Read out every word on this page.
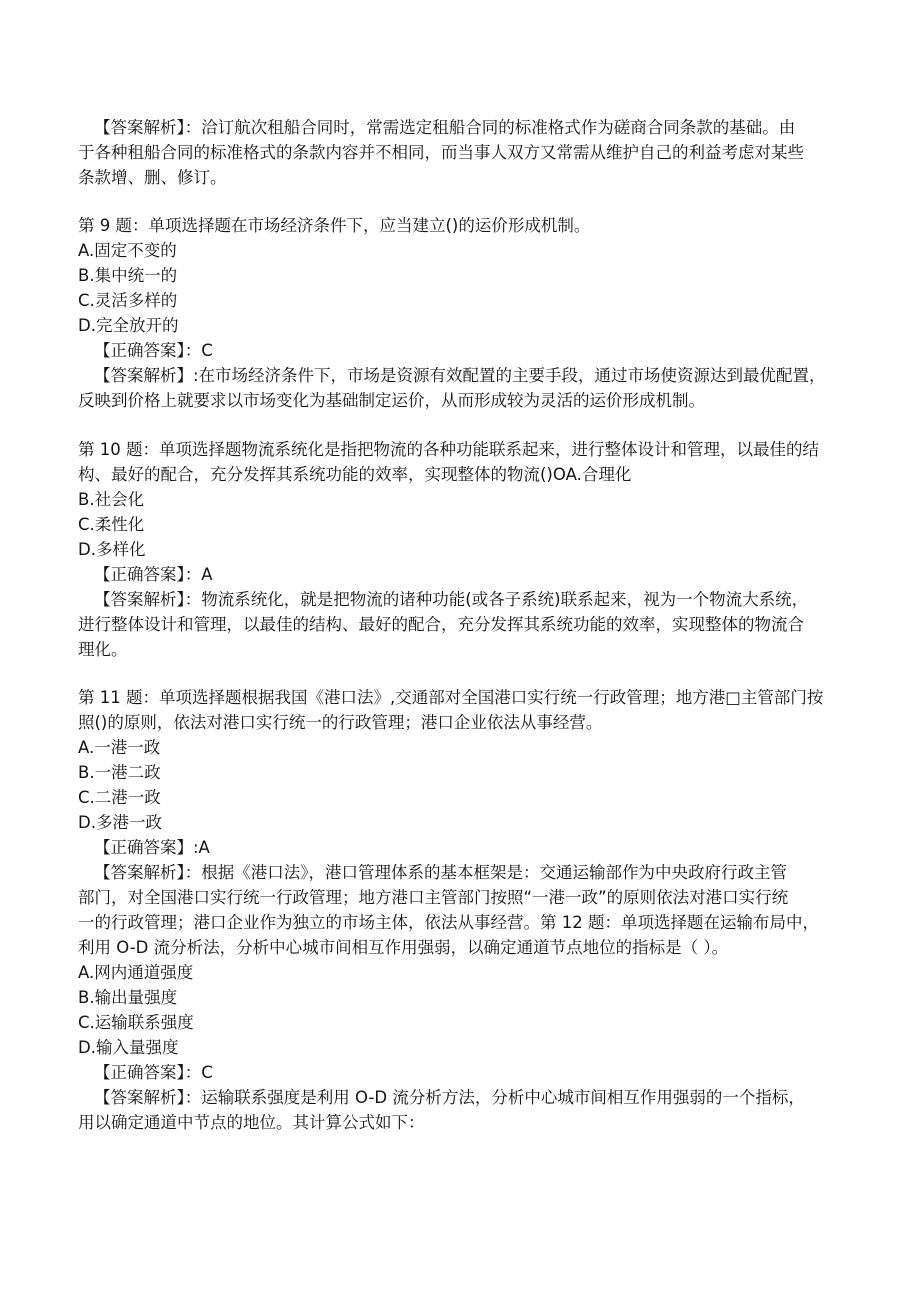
【答案解析】：洽订航次租船合同时，常需选定租船合同的标准格式作为磋商合同条款的基础。由
于各种租船合同的标准格式的条款内容并不相同，而当事人双方又常需从维护自己的利益考虑对某些
条款增、删、修订。
第 9 题：单项选择题在市场经济条件下，应当建立()的运价形成机制。
A.固定不变的
B.集中统一的
C.灵活多样的
D.完全放开的
【正确答案】：C
【答案解析】:在市场经济条件下，市场是资源有效配置的主要手段，通过市场使资源达到最优配置，
反映到价格上就要求以市场变化为基础制定运价，从而形成较为灵活的运价形成机制。
第 10 题：单项选择题物流系统化是指把物流的各种功能联系起来，进行整体设计和管理，以最佳的结
构、最好的配合，充分发挥其系统功能的效率，实现整体的物流()OA.合理化
B.社会化
C.柔性化
D.多样化
【正确答案】：A
【答案解析】：物流系统化，就是把物流的诸种功能(或各子系统)联系起来，视为一个物流大系统，
进行整体设计和管理，以最佳的结构、最好的配合，充分发挥其系统功能的效率，实现整体的物流合
理化。
第 11 题：单项选择题根据我国《港口法》,交通部对全国港口实行统一行政管理；地方港□主管部门按
照()的原则，依法对港口实行统一的行政管理；港口企业依法从事经营。
A.一港一政
B.一港二政
C.二港一政
D.多港一政
【正确答案】:A
【答案解析】：根据《港口法》，港口管理体系的基本框架是：交通运输部作为中央政府行政主管
部门，对全国港口实行统一行政管理；地方港口主管部门按照“一港一政”的原则依法对港口实行统
一的行政管理；港口企业作为独立的市场主体，依法从事经营。第 12 题：单项选择题在运输布局中，
利用 O-D 流分析法，分析中心城市间相互作用强弱，以确定通道节点地位的指标是（ ）。
A.网内通道强度
B.输出量强度
C.运输联系强度
D.输入量强度
【正确答案】：C
【答案解析】：运输联系强度是利用 O-D 流分析方法，分析中心城市间相互作用强弱的一个指标，
用以确定通道中节点的地位。其计算公式如下：
